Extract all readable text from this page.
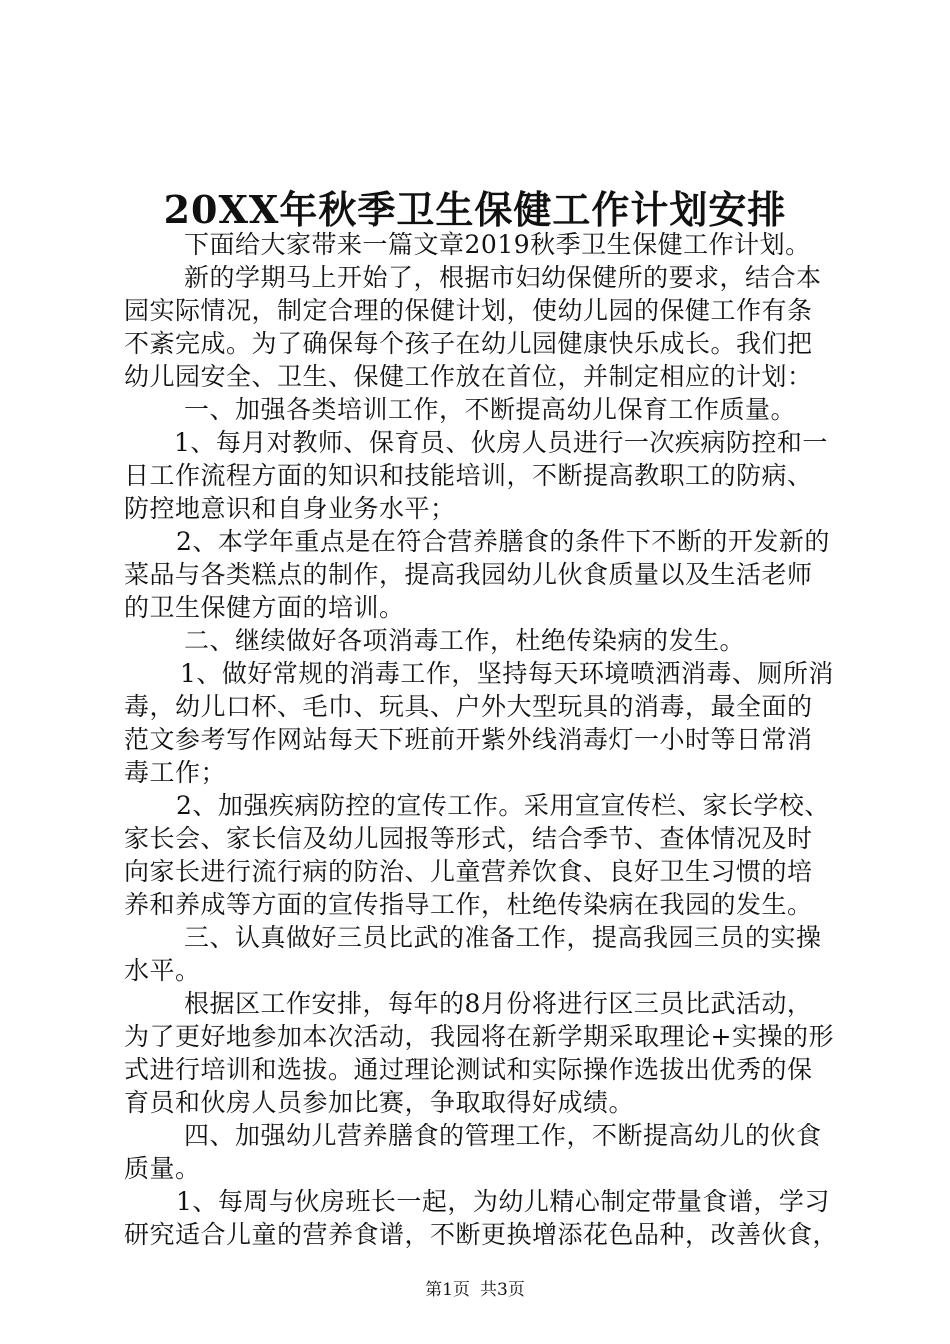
20XX年秋季卫生保健工作计划安排
下面给大家带来一篇文章2019秋季卫生保健工作计划。
新的学期马上开始了，根据市妇幼保健所的要求，结合本
园实际情况，制定合理的保健计划，使幼儿园的保健工作有条
不紊完成。为了确保每个孩子在幼儿园健康快乐成长。我们把
幼儿园安全、卫生、保健工作放在首位，并制定相应的计划：
一、加强各类培训工作，不断提高幼儿保育工作质量。
1、每月对教师、保育员、伙房人员进行一次疾病防控和一
日工作流程方面的知识和技能培训，不断提高教职工的防病、
防控地意识和自身业务水平；
2、本学年重点是在符合营养膳食的条件下不断的开发新的
菜品与各类糕点的制作，提高我园幼儿伙食质量以及生活老师
的卫生保健方面的培训。
二、继续做好各项消毒工作，杜绝传染病的发生。
1、做好常规的消毒工作，坚持每天环境喷洒消毒、厕所消
毒，幼儿口杯、毛巾、玩具、户外大型玩具的消毒，最全面的
范文参考写作网站每天下班前开紫外线消毒灯一小时等日常消
毒工作；
2、加强疾病防控的宣传工作。采用宣宣传栏、家长学校、
家长会、家长信及幼儿园报等形式，结合季节、查体情况及时
向家长进行流行病的防治、儿童营养饮食、良好卫生习惯的培
养和养成等方面的宣传指导工作，杜绝传染病在我园的发生。
三、认真做好三员比武的准备工作，提高我园三员的实操
水平。
根据区工作安排，每年的8月份将进行区三员比武活动，
为了更好地参加本次活动，我园将在新学期采取理论+实操的形
式进行培训和选拔。通过理论测试和实际操作选拔出优秀的保
育员和伙房人员参加比赛，争取取得好成绩。
四、加强幼儿营养膳食的管理工作，不断提高幼儿的伙食
质量。
1、每周与伙房班长一起，为幼儿精心制定带量食谱，学习
研究适合儿童的营养食谱，不断更换增添花色品种，改善伙食，
第1页 共3页
